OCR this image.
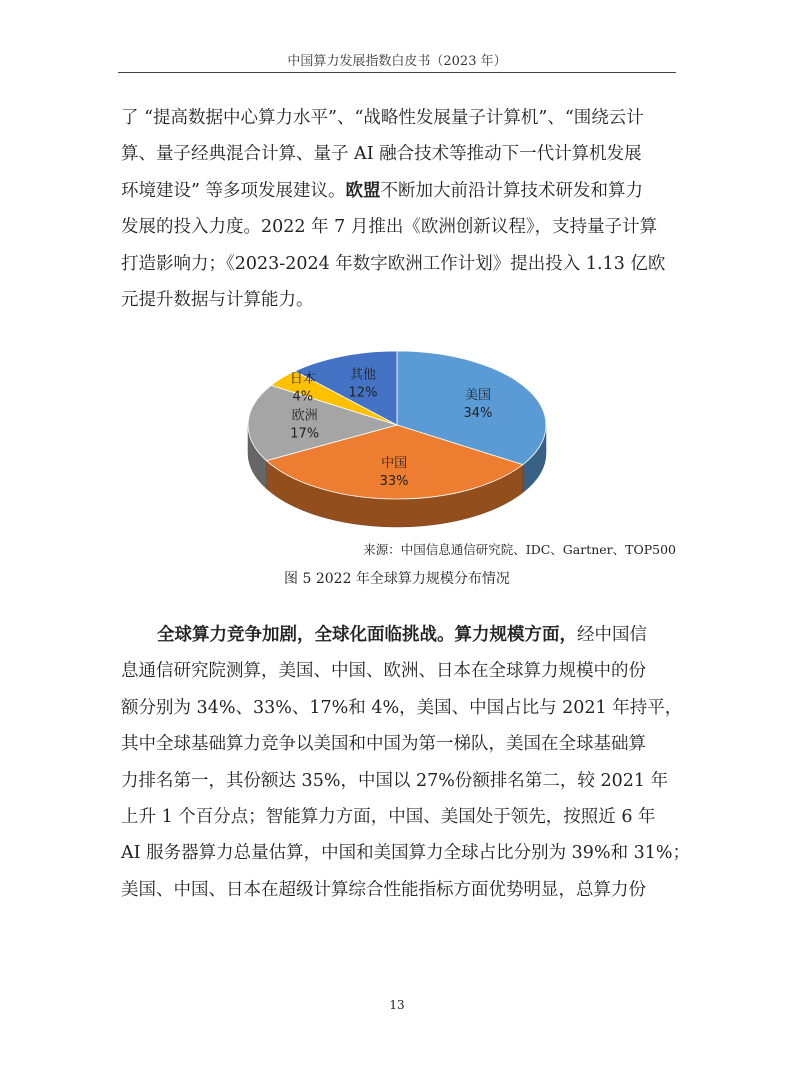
中国算力发展指数白皮书（2023 年）
了 “提高数据中心算力水平”、“战略性发展量子计算机”、“围绕云计
算、量子经典混合计算、量子 AI 融合技术等推动下一代计算机发展
环境建设” 等多项发展建议。欧盟不断加大前沿计算技术研发和算力
发展的投入力度。2022 年 7 月推出《欧洲创新议程》，支持量子计算
打造影响力；《2023-2024 年数字欧洲工作计划》提出投入 1.13 亿欧
元提升数据与计算能力。
美国
34%
中国
33%
欧洲
17%
日本
4%
其他
12%
来源：中国信息通信研究院、IDC、Gartner、TOP500
图 5 2022 年全球算力规模分布情况
全球算力竞争加剧，全球化面临挑战。算力规模方面，经中国信
息通信研究院测算，美国、中国、欧洲、日本在全球算力规模中的份
额分别为 34%、33%、17%和 4%，美国、中国占比与 2021 年持平，
其中全球基础算力竞争以美国和中国为第一梯队，美国在全球基础算
力排名第一，其份额达 35%，中国以 27%份额排名第二，较 2021 年
上升 1 个百分点；智能算力方面，中国、美国处于领先，按照近 6 年
AI 服务器算力总量估算，中国和美国算力全球占比分别为 39%和 31%；
美国、中国、日本在超级计算综合性能指标方面优势明显，总算力份
13
